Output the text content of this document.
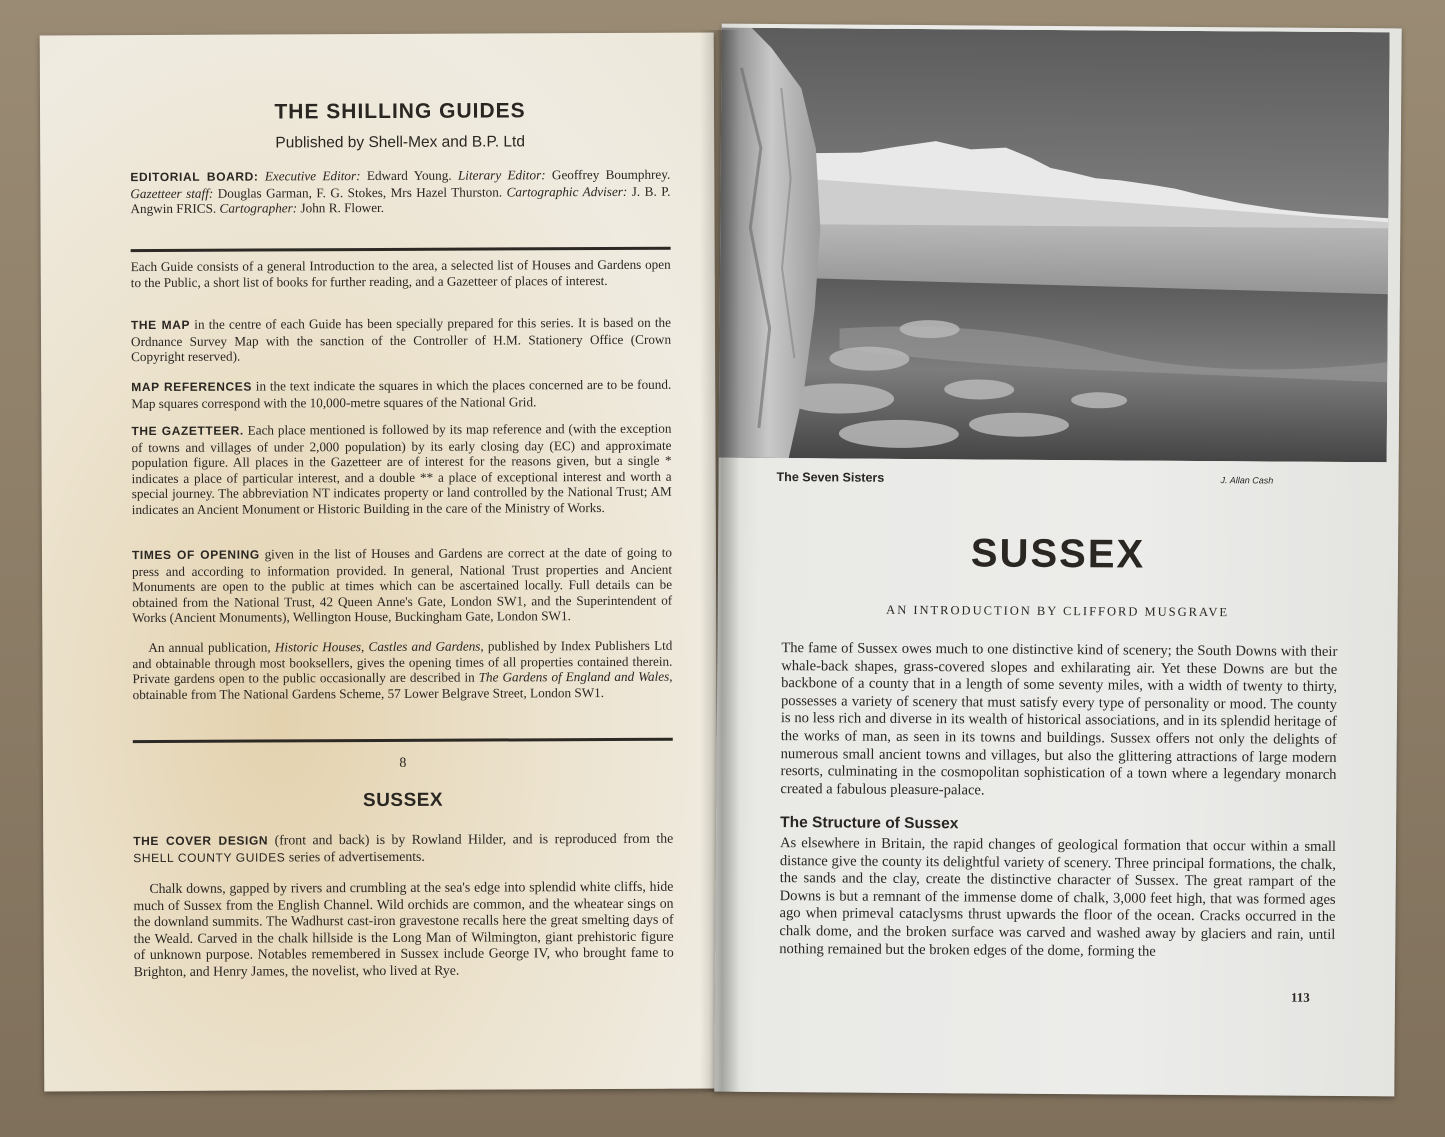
THE SHILLING GUIDES
Published by Shell-Mex and B.P. Ltd
EDITORIAL BOARD: Executive Editor: Edward Young. Literary Editor: Geoffrey Boumphrey. Gazetteer staff: Douglas Garman, F. G. Stokes, Mrs Hazel Thurston. Cartographic Adviser: J. B. P. Angwin FRICS. Cartographer: John R. Flower.
Each Guide consists of a general Introduction to the area, a selected list of Houses and Gardens open to the Public, a short list of books for further reading, and a Gazetteer of places of interest.
THE MAP in the centre of each Guide has been specially prepared for this series. It is based on the Ordnance Survey Map with the sanction of the Controller of H.M. Stationery Office (Crown Copyright reserved).
MAP REFERENCES in the text indicate the squares in which the places concerned are to be found. Map squares correspond with the 10,000-metre squares of the National Grid.
THE GAZETTEER. Each place mentioned is followed by its map reference and (with the exception of towns and villages of under 2,000 population) by its early closing day (EC) and approximate population figure. All places in the Gazetteer are of interest for the reasons given, but a single * indicates a place of particular interest, and a double ** a place of exceptional interest and worth a special journey. The abbreviation NT indicates property or land controlled by the National Trust; AM indicates an Ancient Monument or Historic Building in the care of the Ministry of Works.
TIMES OF OPENING given in the list of Houses and Gardens are correct at the date of going to press and according to information provided. In general, National Trust properties and Ancient Monuments are open to the public at times which can be ascertained locally. Full details can be obtained from the National Trust, 42 Queen Anne's Gate, London SW1, and the Superintendent of Works (Ancient Monuments), Wellington House, Buckingham Gate, London SW1.
An annual publication, Historic Houses, Castles and Gardens, published by Index Publishers Ltd and obtainable through most booksellers, gives the opening times of all properties contained therein. Private gardens open to the public occasionally are described in The Gardens of England and Wales, obtainable from The National Gardens Scheme, 57 Lower Belgrave Street, London SW1.
8
SUSSEX
THE COVER DESIGN (front and back) is by Rowland Hilder, and is reproduced from the SHELL COUNTY GUIDES series of advertisements.
Chalk downs, gapped by rivers and crumbling at the sea's edge into splendid white cliffs, hide much of Sussex from the English Channel. Wild orchids are common, and the wheatear sings on the downland summits. The Wadhurst cast-iron gravestone recalls here the great smelting days of the Weald. Carved in the chalk hillside is the Long Man of Wilmington, giant prehistoric figure of unknown purpose. Notables remembered in Sussex include George IV, who brought fame to Brighton, and Henry James, the novelist, who lived at Rye.
The Seven Sisters	J. Allan Cash
SUSSEX
AN INTRODUCTION BY CLIFFORD MUSGRAVE
The fame of Sussex owes much to one distinctive kind of scenery; the South Downs with their whale-back shapes, grass-covered slopes and exhilarating air. Yet these Downs are but the backbone of a county that in a length of some seventy miles, with a width of twenty to thirty, possesses a variety of scenery that must satisfy every type of personality or mood. The county is no less rich and diverse in its wealth of historical associations, and in its splendid heritage of the works of man, as seen in its towns and buildings. Sussex offers not only the delights of numerous small ancient towns and villages, but also the glittering attractions of large modern resorts, culminating in the cosmopolitan sophistication of a town where a legendary monarch created a fabulous pleasure-palace.
The Structure of Sussex
As elsewhere in Britain, the rapid changes of geological formation that occur within a small distance give the county its delightful variety of scenery. Three principal formations, the chalk, the sands and the clay, create the distinctive character of Sussex. The great rampart of the Downs is but a remnant of the immense dome of chalk, 3,000 feet high, that was formed ages ago when primeval cataclysms thrust upwards the floor of the ocean. Cracks occurred in the chalk dome, and the broken surface was carved and washed away by glaciers and rain, until nothing remained but the broken edges of the dome, forming the
113
